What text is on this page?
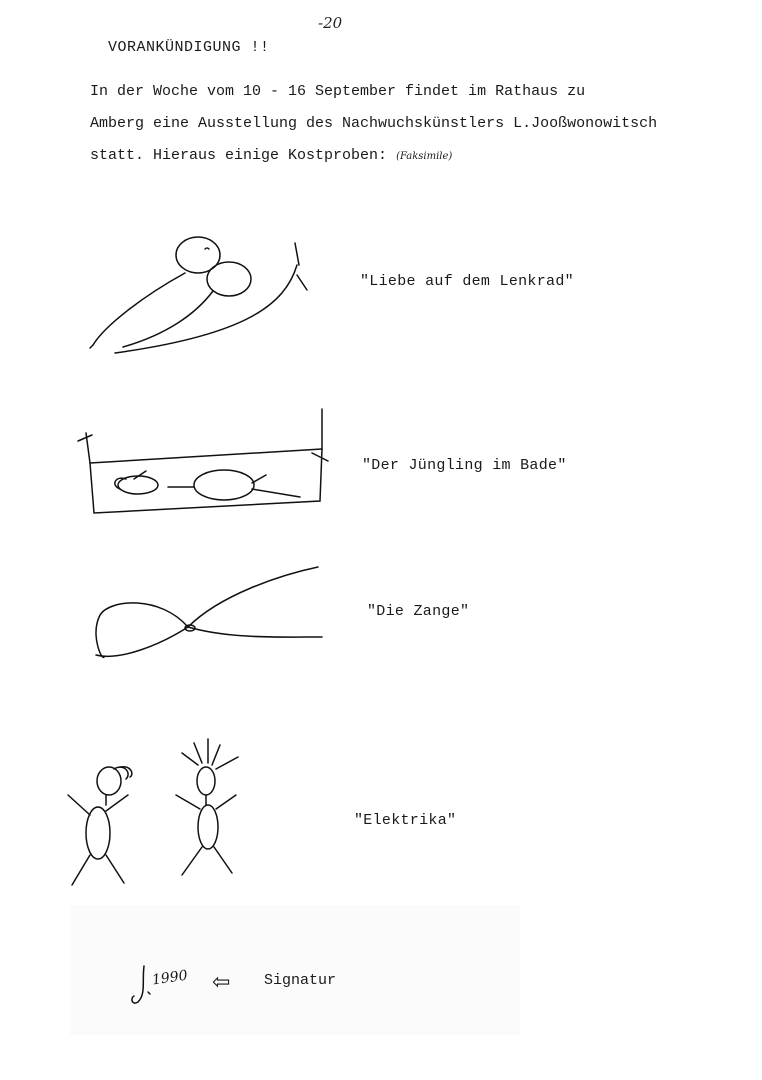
-20
VORANKÜNDIGUNG !!

In der Woche vom 10 - 16 September findet im Rathaus zu

Amberg eine Ausstellung des Nachwuchskünstlers L.Jooßwonowitsch

statt. Hieraus einige Kostproben: (Faksimile)

"Liebe auf dem Lenkrad"
"Der Jüngling im Bade"
"Die Zange"
"Elektrika"
1990 ⇦ Signatur
